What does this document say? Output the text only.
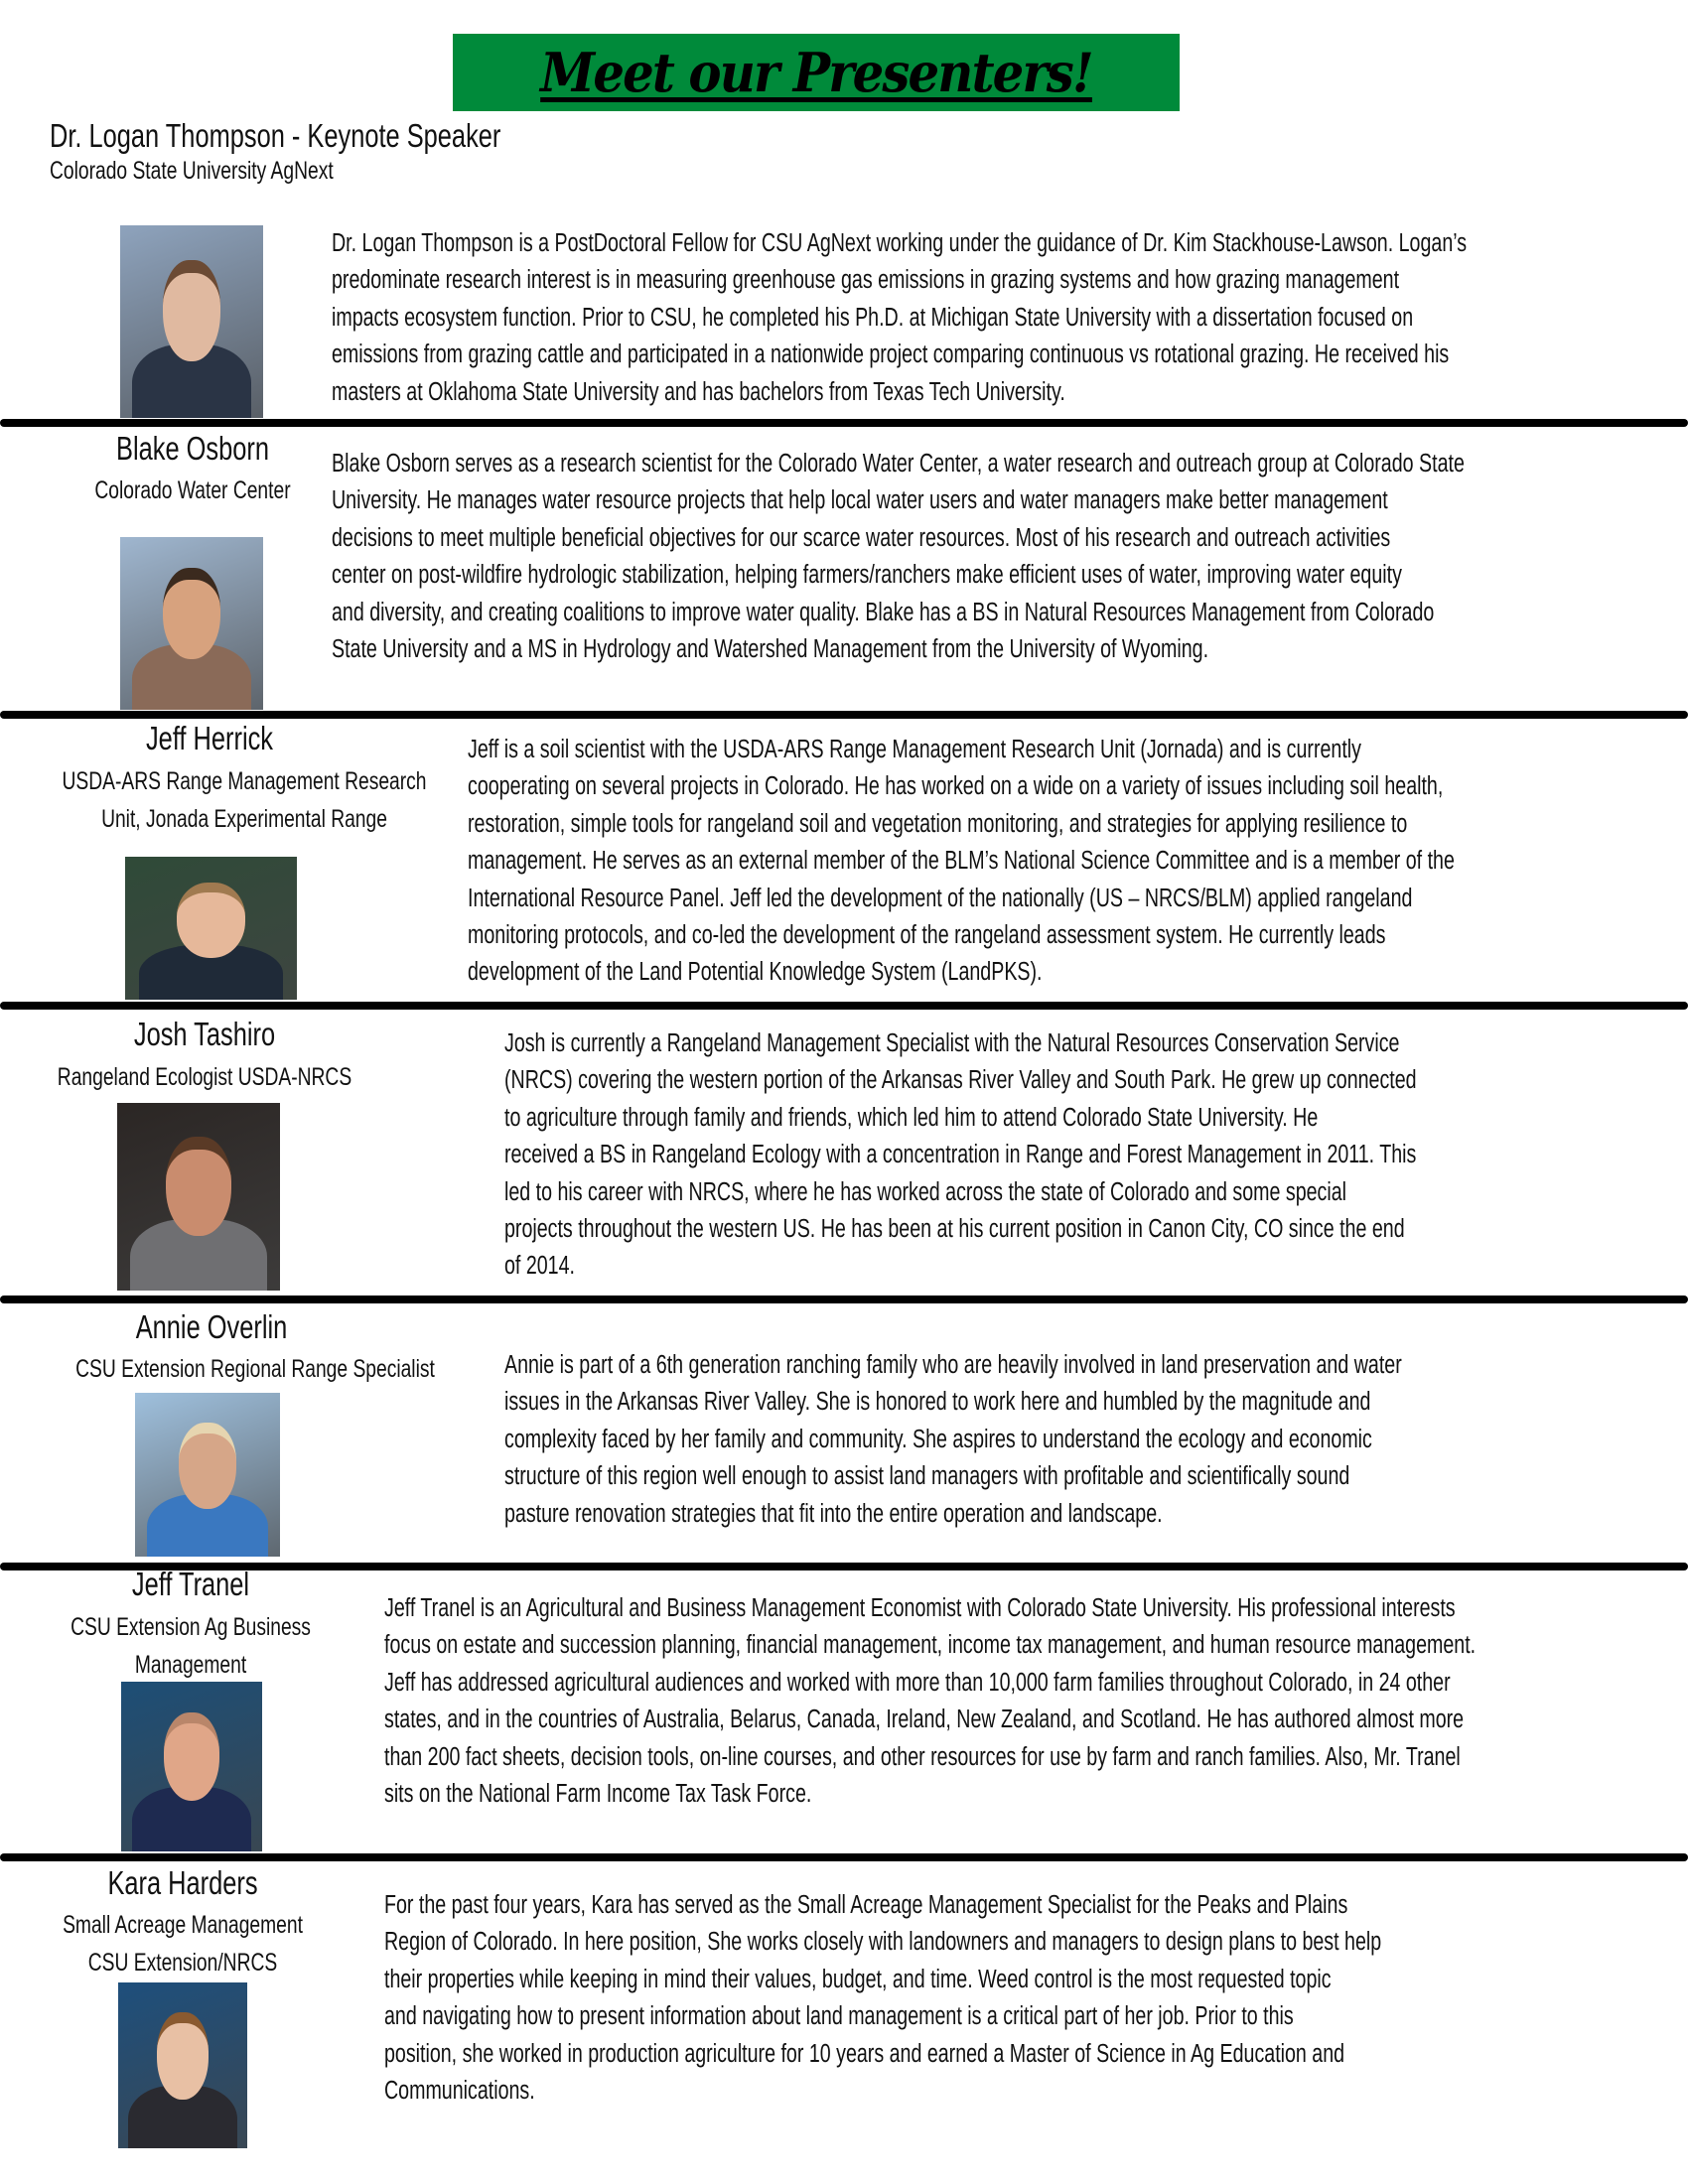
Meet our Presenters!
Dr. Logan Thompson - Keynote Speaker
Colorado State University AgNext
Dr. Logan Thompson is a PostDoctoral Fellow for CSU AgNext working under the guidance of Dr. Kim Stackhouse-Lawson. Logan’s
predominate research interest is in measuring greenhouse gas emissions in grazing systems and how grazing management
impacts ecosystem function. Prior to CSU, he completed his Ph.D. at Michigan State University with a dissertation focused on
emissions from grazing cattle and participated in a nationwide project comparing continuous vs rotational grazing. He received his
masters at Oklahoma State University and has bachelors from Texas Tech University.
Blake Osborn
Colorado Water Center
Blake Osborn serves as a research scientist for the Colorado Water Center, a water research and outreach group at Colorado State
University. He manages water resource projects that help local water users and water managers make better management
decisions to meet multiple beneficial objectives for our scarce water resources. Most of his research and outreach activities
center on post-wildfire hydrologic stabilization, helping farmers/ranchers make efficient uses of water, improving water equity
and diversity, and creating coalitions to improve water quality. Blake has a BS in Natural Resources Management from Colorado
State University and a MS in Hydrology and Watershed Management from the University of Wyoming.
Jeff Herrick
USDA-ARS Range Management Research
Unit, Jonada Experimental Range
Jeff is a soil scientist with the USDA-ARS Range Management Research Unit (Jornada) and is currently
cooperating on several projects in Colorado. He has worked on a wide on a variety of issues including soil health,
restoration, simple tools for rangeland soil and vegetation monitoring, and strategies for applying resilience to
management. He serves as an external member of the BLM’s National Science Committee and is a member of the
International Resource Panel. Jeff led the development of the nationally (US – NRCS/BLM) applied rangeland
monitoring protocols, and co-led the development of the rangeland assessment system. He currently leads
development of the Land Potential Knowledge System (LandPKS).
Josh Tashiro
Rangeland Ecologist USDA-NRCS
Josh is currently a Rangeland Management Specialist with the Natural Resources Conservation Service
(NRCS) covering the western portion of the Arkansas River Valley and South Park. He grew up connected
to agriculture through family and friends, which led him to attend Colorado State University. He
received a BS in Rangeland Ecology with a concentration in Range and Forest Management in 2011. This
led to his career with NRCS, where he has worked across the state of Colorado and some special
projects throughout the western US. He has been at his current position in Canon City, CO since the end
of 2014.
Annie Overlin
CSU Extension Regional Range Specialist	Annie is part of a 6th generation ranching family who are heavily involved in land preservation and water
issues in the Arkansas River Valley. She is honored to work here and humbled by the magnitude and
complexity faced by her family and community. She aspires to understand the ecology and economic
structure of this region well enough to assist land managers with profitable and scientifically sound
pasture renovation strategies that fit into the entire operation and landscape.
Jeff Tranel
CSU Extension Ag Business
Management
Jeff Tranel is an Agricultural and Business Management Economist with Colorado State University. His professional interests
focus on estate and succession planning, financial management, income tax management, and human resource management.
Jeff has addressed agricultural audiences and worked with more than 10,000 farm families throughout Colorado, in 24 other
states, and in the countries of Australia, Belarus, Canada, Ireland, New Zealand, and Scotland. He has authored almost more
than 200 fact sheets, decision tools, on-line courses, and other resources for use by farm and ranch families. Also, Mr. Tranel
sits on the National Farm Income Tax Task Force.
Kara Harders
Small Acreage Management
CSU Extension/NRCS
For the past four years, Kara has served as the Small Acreage Management Specialist for the Peaks and Plains
Region of Colorado. In here position, She works closely with landowners and managers to design plans to best help
their properties while keeping in mind their values, budget, and time. Weed control is the most requested topic
and navigating how to present information about land management is a critical part of her job. Prior to this
position, she worked in production agriculture for 10 years and earned a Master of Science in Ag Education and
Communications.
